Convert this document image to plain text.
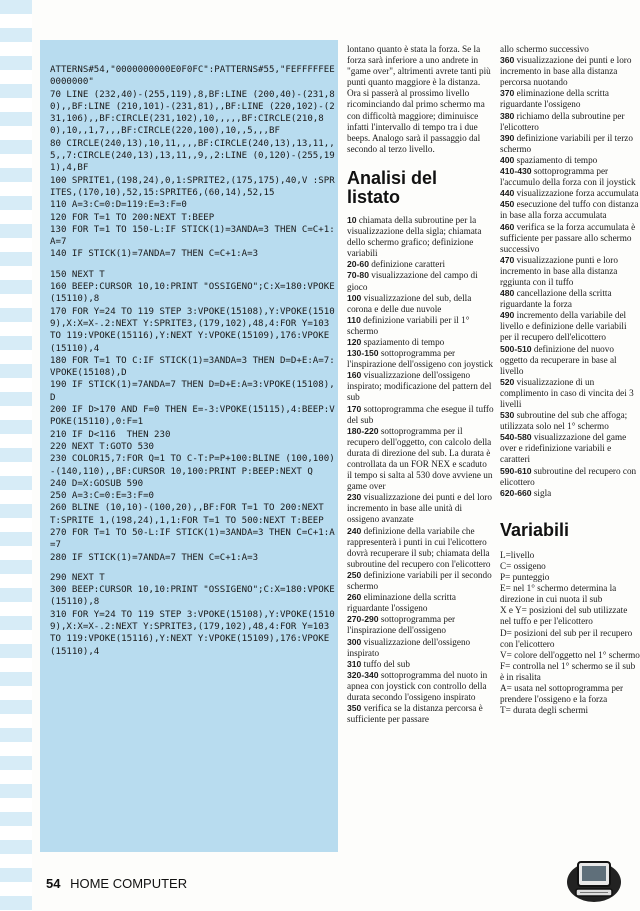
ATTERNS#54,"0000000000E0F0FC":PATTERNS#55,"FEFFFFFEE0000000"
70 LINE (232,40)-(255,119),8,BF:LINE (200,40)-(231,80),,BF:LINE (210,101)-(231,81),,BF:LINE (220,102)-(231,106),,BF:CIRCLE(231,102),10,,,,,BF:CIRCLE(210,80),10,,1,7,,,BF:CIRCLE(220,100),10,,5,,,BF
80 CIRCLE(240,13),10,11,,,,BF:CIRCLE(240,13),13,11,,5,,7:CIRCLE(240,13),13,11,,9,,2:LINE (0,120)-(255,191),4,BF
100 SPRITE1,(198,24),0,1:SPRITE2,(175,175),40,V :SPRITES,(170,10),52,15:SPRITE6,(60,14),52,15
110 A=3:C=0:D=119:E=3:F=0
120 FOR T=1 TO 200:NEXT T:BEEP
130 FOR T=1 TO 150-L:IF STICK(1)=3ANDA=3 THEN C=C+1:A=7
140 IF STICK(1)=7ANDA=7 THEN C=C+1:A=3
150 NEXT T
160 BEEP:CURSOR 10,10:PRINT "OSSIGENO";C:X=180:VPOKE(15110),8
170 FOR Y=24 TO 119 STEP 3:VPOKE(15108),Y:VPOKE(15109),X:X=X-.2:NEXT Y:SPRITE3,(179,102),48,4:FOR Y=103 TO 119:VPOKE(15116),Y:NEXT Y:VPOKE(15109),176:VPOKE(15110),4
180 FOR T=1 TO C:IF STICK(1)=3ANDA=3 THEN D=D+E:A=7:VPOKE(15108),D
190 IF STICK(1)=7ANDA=7 THEN D=D+E:A=3:VPOKE(15108),D
200 IF D>170 AND F=0 THEN E=-3:VPOKE(15115),4:BEEP:VPOKE(15110),0:F=1
210 IF D<116  THEN 230
220 NEXT T:GOTO 530
230 COLOR15,7:FOR Q=1 TO C-T:P=P+100:BLINE (100,100)-(140,110),,BF:CURSOR 10,100:PRINT P:BEEP:NEXT Q
240 D=X:GOSUB 590
250 A=3:C=0:E=3:F=0
260 BLINE (10,10)-(100,20),,BF:FOR T=1 TO 200:NEXT T:SPRITE 1,(198,24),1,1:FOR T=1 TO 500:NEXT T:BEEP
270 FOR T=1 TO 50-L:IF STICK(1)=3ANDA=3 THEN C=C+1:A=7
280 IF STICK(1)=7ANDA=7 THEN C=C+1:A=3
290 NEXT T
300 BEEP:CURSOR 10,10:PRINT "OSSIGENO";C:X=180:VPOKE(15110),8
310 FOR Y=24 TO 119 STEP 3:VPOKE(15108),Y:VPOKE(15109),X:X=X-.2:NEXT Y:SPRITE3,(179,102),48,4:FOR Y=103 TO 119:VPOKE(15116),Y:NEXT Y:VPOKE(15109),176:VPOKE(15110),4

lontano quanto è stata la forza. Se la forza sarà inferiore a uno andrete in "game over", altrimenti avrete tanti più punti quanto maggiore è la distanza. Ora si passerà al prossimo livello ricominciando dal primo schermo ma con difficoltà maggiore; diminuisce infatti l'intervallo di tempo tra i due beeps. Analogo sarà il passaggio dal secondo al terzo livello.

Analisi del listato

10 chiamata della subroutine per la visualizzazione della sigla; chiamata dello schermo grafico; definizione variabili

20-60 definizione caratteri

70-80 visualizzazione del campo di gioco

100 visualizzazione del sub, della corona e delle due nuvole

110 definizione variabili per il 1° schermo

120 spaziamento di tempo

130-150 sottoprogramma per l'inspirazione dell'ossigeno con joystick

160 visualizzazione dell'ossigeno inspirato; modificazione del pattern del sub

170 sottoprogramma che esegue il tuffo del sub

180-220 sottoprogramma per il recupero dell'oggetto, con calcolo della durata di direzione del sub. La durata è controllata da un FOR NEX e scaduto il tempo si salta al 530 dove avviene un game over

230 visualizzazione dei punti e del loro incremento in base alle unità di ossigeno avanzate

240 definizione della variabile che rappresenterà i punti in cui l'elicottero dovrà recuperare il sub; chiamata della subroutine del recupero con l'elicottero

250 definizione variabili per il secondo schermo

260 eliminazione della scritta riguardante l'ossigeno

270-290 sottoprogramma per l'inspirazione dell'ossigeno

300 visualizzazione dell'ossigeno inspirato

310 tuffo del sub

320-340 sottoprogramma del nuoto in apnea con joystick con controllo della durata secondo l'ossigeno inspirato

350 verifica se la distanza percorsa è sufficiente per passare

allo schermo successivo

360 visualizzazione dei punti e loro incremento in base alla distanza percorsa nuotando

370 eliminazione della scritta riguardante l'ossigeno

380 richiamo della subroutine per l'elicottero

390 definizione variabili per il terzo schermo

400 spaziamento di tempo

410-430 sottoprogramma per l'accumulo della forza con il joystick

440 visualizzazione forza accumulata

450 esecuzione del tuffo con distanza in base alla forza accumulata

460 verifica se la forza accumulata è sufficiente per passare allo schermo successivo

470 visualizzazione punti e loro incremento in base alla distanza rggiunta con il tuffo

480 cancellazione della scritta riguardante la forza

490 incremento della variabile del livello e definizione delle variabili per il recupero dell'elicottero

500-510 definizione del nuovo oggetto da recuperare in base al livello

520 visualizzazione di un complimento in caso di vincita dei 3 livelli

530 subroutine del sub che affoga; utilizzata solo nel 1° schermo

540-580 visualizzazione del game over e ridefinizione variabili e caratteri

590-610 subroutine del recupero con elicottero

620-660 sigla

Variabili

L=livello

C= ossigeno

P= punteggio

E= nel 1° schermo determina la direzione in cui nuota il sub

X e Y= posizioni del sub utilizzate nel tuffo e per l'elicottero

D= posizioni del sub per il recupero con l'elicottero

V= colore dell'oggetto nel 1° schermo

F= controlla nel 1° schermo se il sub è in risalita

A= usata nel sottoprogramma per prendere l'ossigeno e la forza

T= durata degli schermi

54 HOME COMPUTER
